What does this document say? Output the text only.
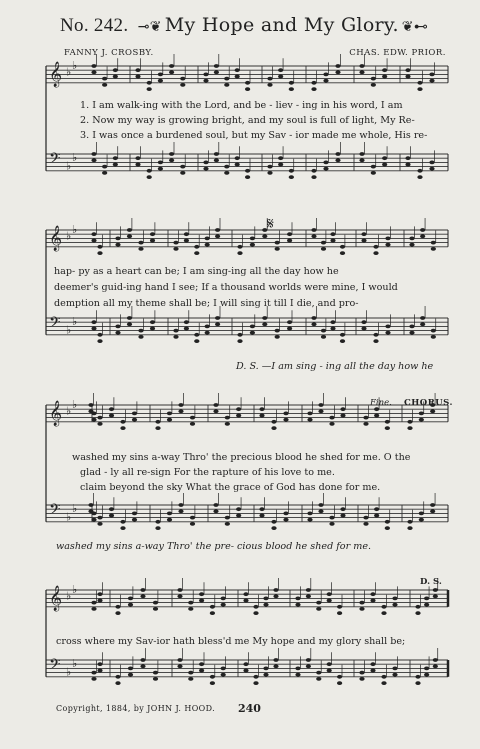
No. 242. ⊸❦ My Hope and My Glory. ❦⊷
FANNY J. CROSBY.	CHAS. EDW. PRIOR.
𝄞
𝄢
♭ ♭
♭
♭
𝄞
𝄢
♭ ♭
♭
♭
𝄞
𝄢
♭ ♭
♭
♭
𝄞
𝄢
♭ ♭
♭
♭
1. I am walk-ing with the Lord, and be - liev - ing in his word, I am
2. Now my way is growing bright, and my soul is full of light, My Re-
3. I was once a burdened soul, but my Sav - ior made me whole, His re-
𝄋
hap- py as a heart can be; I am sing-ing all the day how he
deemer's guid-ing hand I see; If a thousand worlds were mine, I would
demption all my theme shall be; I will sing it till I die, and pro-
D. S. —I am sing - ing all the day how he
Fine. CHORUS.
washed my sins a-way Thro' the precious blood he shed for me. O the
glad - ly all re-sign For the rapture of his love to me.
claim beyond the sky What the grace of God has done for me.
washed my sins a-way Thro' the pre- cious blood he shed for me.
D. S.
cross where my Sav-ior hath bless'd me My hope and my glory shall be;
Copyright, 1884, by JOHN J. HOOD. 240
